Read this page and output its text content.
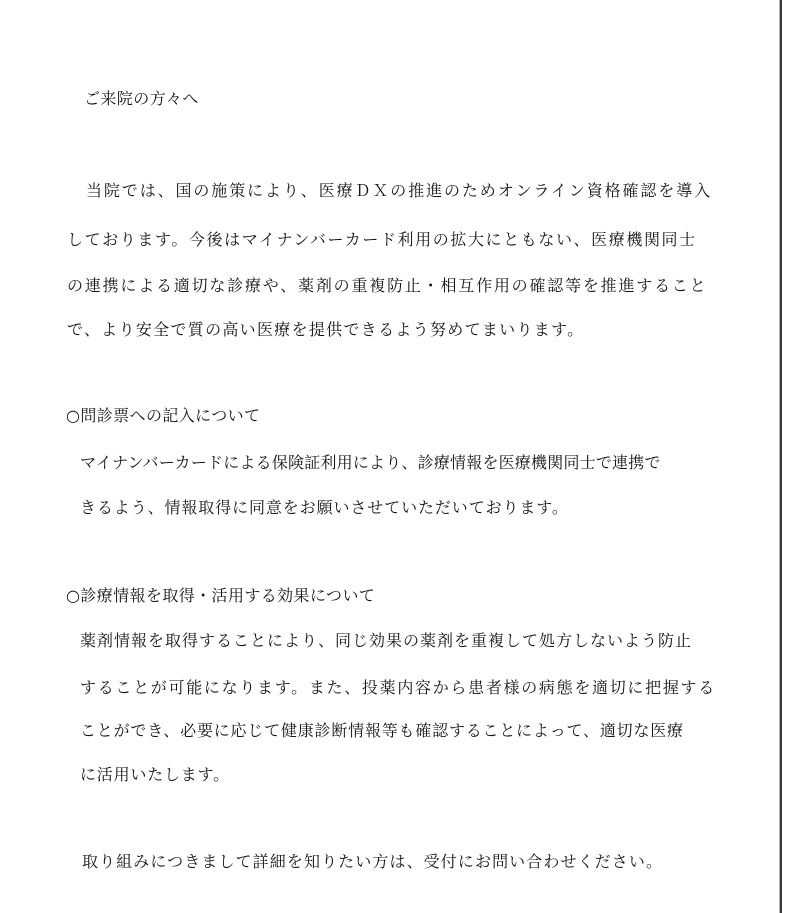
ご来院の方々へ
当院では、国の施策により、医療ＤＸの推進のためオンライン資格確認を導入
しております。今後はマイナンバーカード利用の拡大にともない、医療機関同士
の連携による適切な診療や、薬剤の重複防止・相互作用の確認等を推進すること
で、より安全で質の高い医療を提供できるよう努めてまいります。
○問診票への記入について
マイナンバーカードによる保険証利用により、診療情報を医療機関同士で連携で
きるよう、情報取得に同意をお願いさせていただいております。
○診療情報を取得・活用する効果について
薬剤情報を取得することにより、同じ効果の薬剤を重複して処方しないよう防止
することが可能になります。また、投薬内容から患者様の病態を適切に把握する
ことができ、必要に応じて健康診断情報等も確認することによって、適切な医療
に活用いたします。
取り組みにつきまして詳細を知りたい方は、受付にお問い合わせください。
